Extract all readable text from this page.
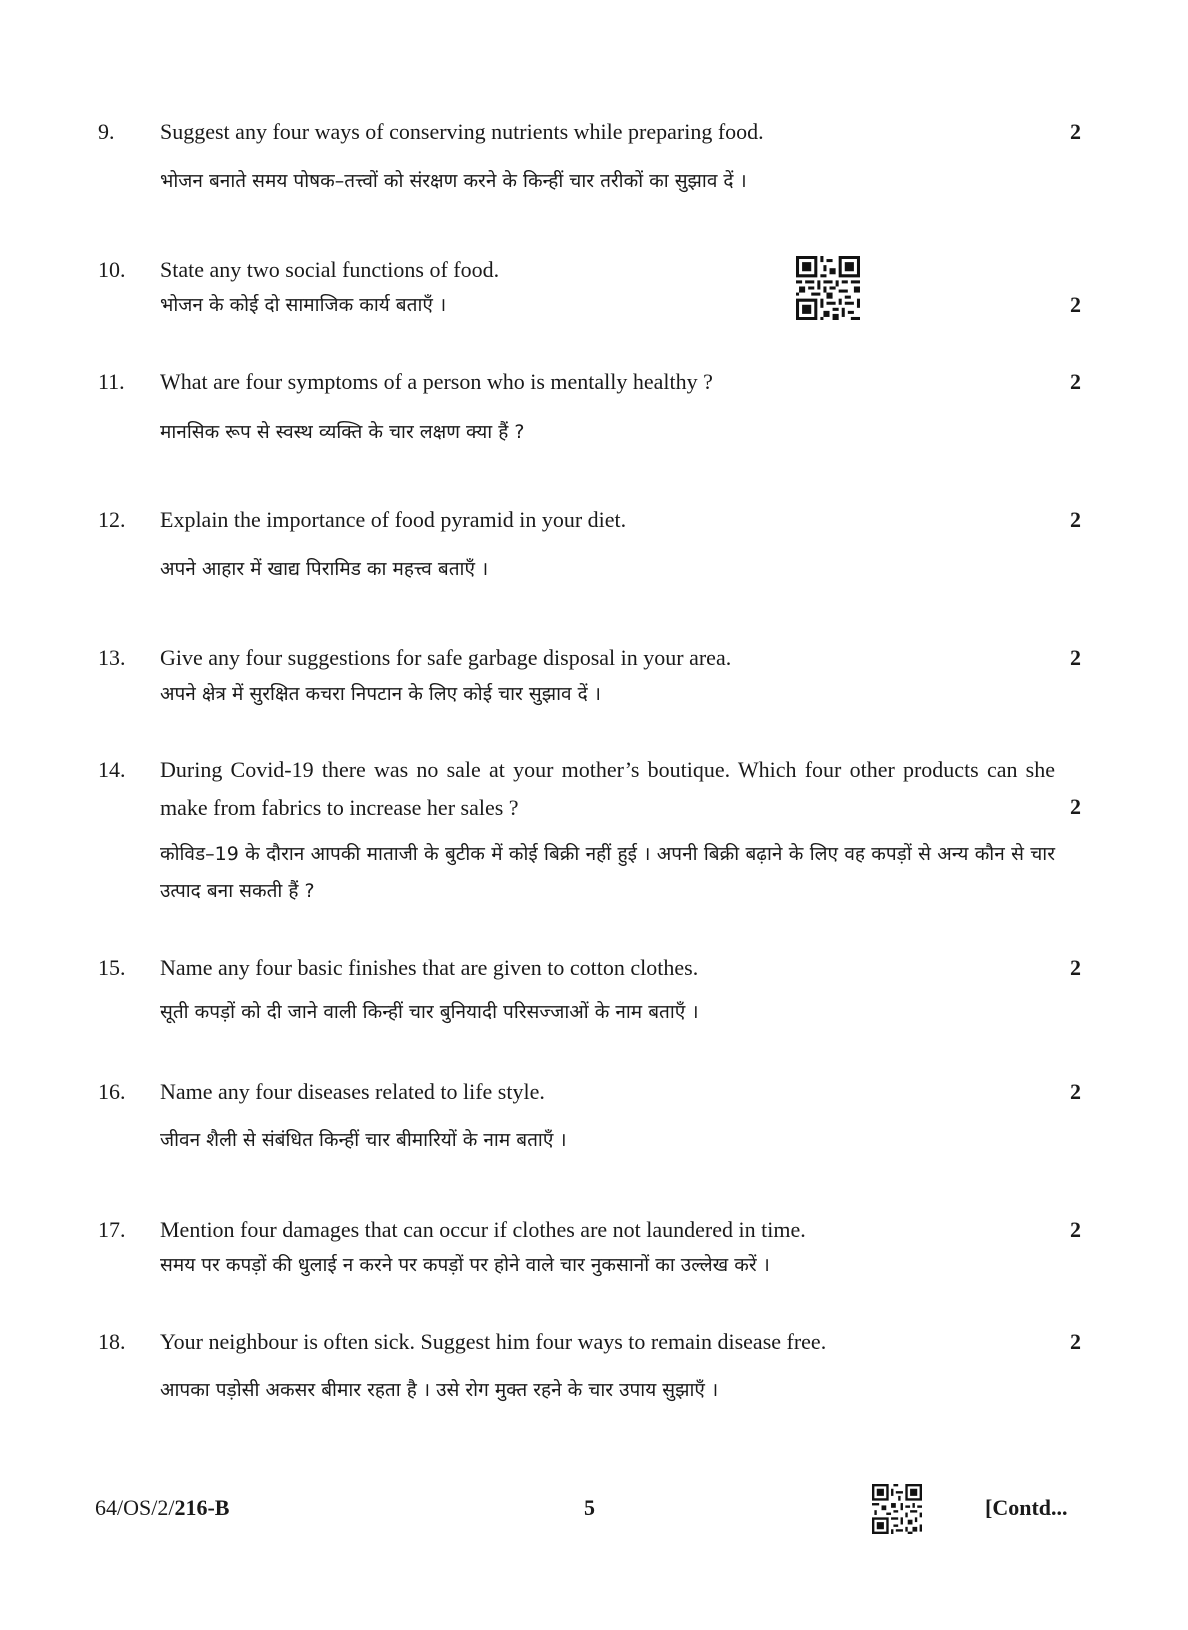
9. Suggest any four ways of conserving nutrients while preparing food.	2
भोजन बनाते समय पोषक–तत्त्वों को संरक्षण करने के किन्हीं चार तरीकों का सुझाव दें ।
10. State any two social functions of food.
भोजन के कोई दो सामाजिक कार्य बताएँ ।	2
11. What are four symptoms of a person who is mentally healthy ?	2
मानसिक रूप से स्वस्थ व्यक्ति के चार लक्षण क्या हैं ?
12. Explain the importance of food pyramid in your diet.	2
अपने आहार में खाद्य पिरामिड का महत्त्व बताएँ ।
13. Give any four suggestions for safe garbage disposal in your area.	2
अपने क्षेत्र में सुरक्षित कचरा निपटान के लिए कोई चार सुझाव दें ।
14. During Covid-19 there was no sale at your mother’s boutique. Which four other products can she make from fabrics to increase her sales ?	2
कोविड–19 के दौरान आपकी माताजी के बुटीक में कोई बिक्री नहीं हुई । अपनी बिक्री बढ़ाने के लिए वह कपड़ों से अन्य कौन से चार उत्पाद बना सकती हैं ?
15. Name any four basic finishes that are given to cotton clothes.	2
सूती कपड़ों को दी जाने वाली किन्हीं चार बुनियादी परिसज्जाओं के नाम बताएँ ।
16. Name any four diseases related to life style.	2
जीवन शैली से संबंधित किन्हीं चार बीमारियों के नाम बताएँ ।
17. Mention four damages that can occur if clothes are not laundered in time.	2
समय पर कपड़ों की धुलाई न करने पर कपड़ों पर होने वाले चार नुकसानों का उल्लेख करें ।
18. Your neighbour is often sick. Suggest him four ways to remain disease free.	2
आपका पड़ोसी अकसर बीमार रहता है । उसे रोग मुक्त रहने के चार उपाय सुझाएँ ।
64/OS/2/216-B	5	[Contd...
